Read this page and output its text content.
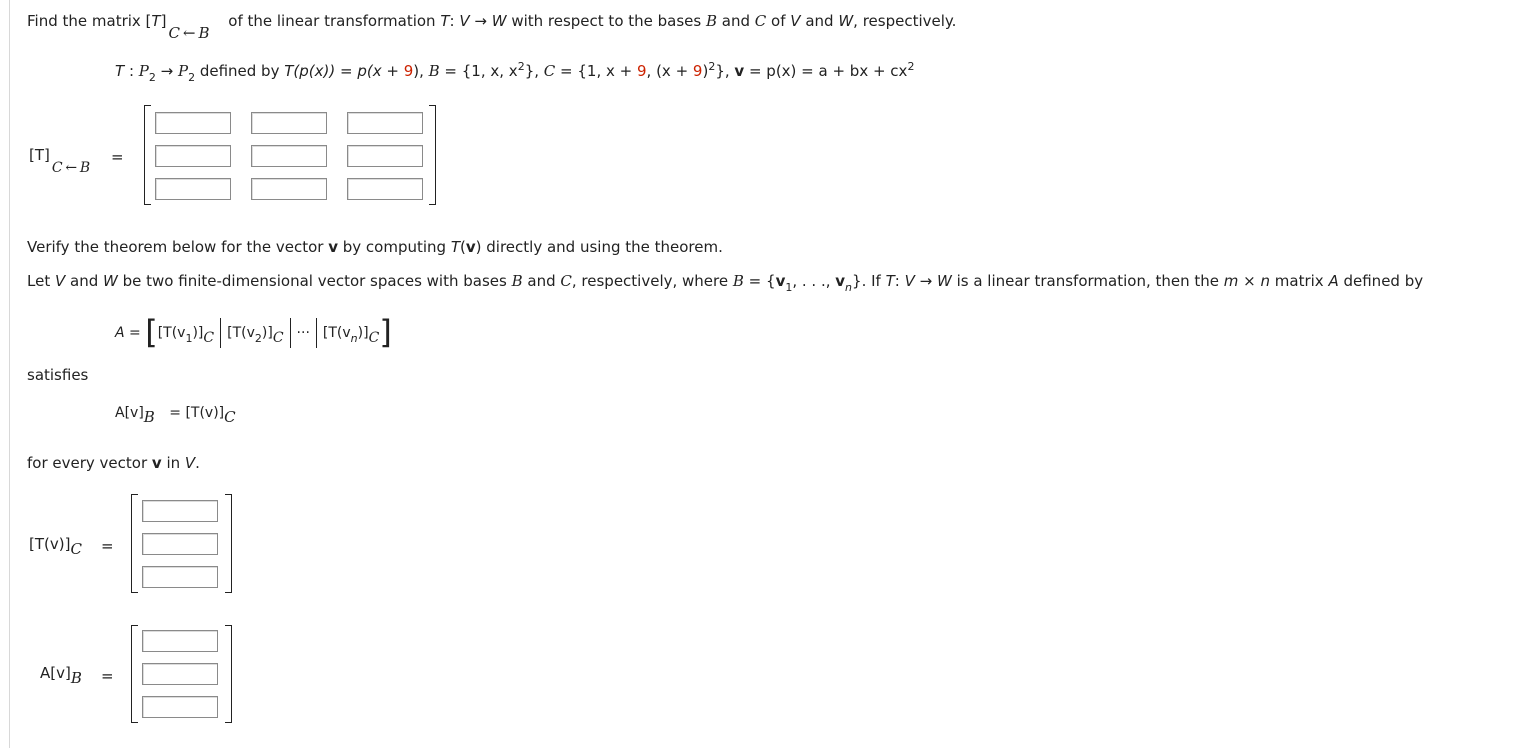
Find the matrix [T]C ← B of the linear transformation T: V → W with respect to the bases B and C of V and W, respectively.
T : $P_2 \to P_2$ defined by T(p(x)) = p(x + 9), B = {1, x, $x^2$}, C = {1, x + 9, $(x + 9)^2$}, v = p(x) = a + bx + $cx^2$
[T]C ← B
=
Verify the theorem below for the vector v by computing T(v) directly and using the theorem.
Let V and W be two finite-dimensional vector spaces with bases B and C, respectively, where $B = \{v_1$, . . ., $v_n$}. If T: V → W is a linear transformation, then the m × n matrix A defined by
$A = [[T(v_1)]_C$ $[T(v_2)]_C$ ··· $[T(v_n)]_C$]
satisfies
$A[v]_B = [T(v)]_C$
for every vector v in V.
$[T(v)]_C$ =
$A[v]_B$ =
